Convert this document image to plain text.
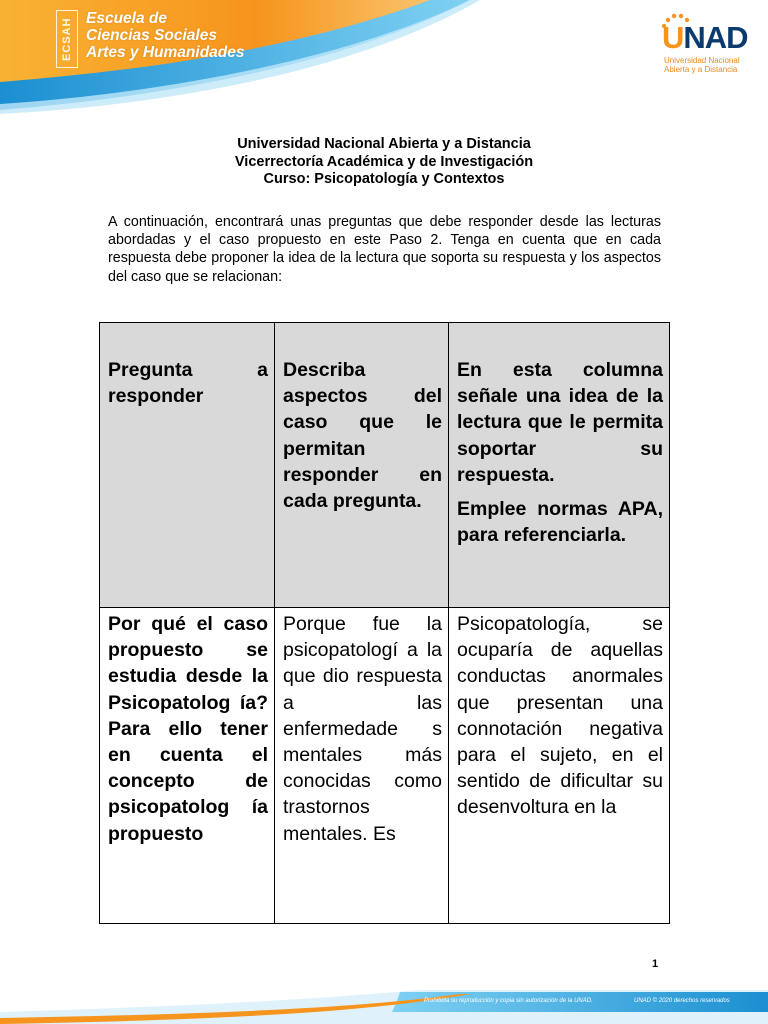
ECSAH Escuela de
Ciencias Sociales
Artes y Humanidades	UNAD
Universidad Nacional
Abierta y a Distancia
Universidad Nacional Abierta y a Distancia
Vicerrectoría Académica y de Investigación
Curso: Psicopatología y Contextos

A continuación, encontrará unas preguntas que debe responder desde las lecturas abordadas y el caso propuesto en este Paso 2. Tenga en cuenta que en cada respuesta debe proponer la idea de la lectura que soporta su respuesta y los aspectos del caso que se relacionan:

Pregunta a responder	Describa aspectos del caso que le permitan responder en cada pregunta.	En esta columna señale una idea de la lectura que le permita soportar su respuesta.

Emplee normas APA, para referenciarla.

Por qué el caso propuesto se estudia desde la Psicopatolog ía? Para ello tener en cuenta el concepto de psicopatolog ía propuesto	Porque fue la psicopatologí a la que dio respuesta a las enfermedade s mentales más conocidas como trastornos mentales. Es	Psicopatología, se ocuparía de aquellas conductas anormales que presentan una connotación negativa para el sujeto, en el sentido de dificultar su desenvoltura en la
1
Prohibida su reproducción y copia sin autorización de la UNAD.	UNAD © 2020 derechos reservados
